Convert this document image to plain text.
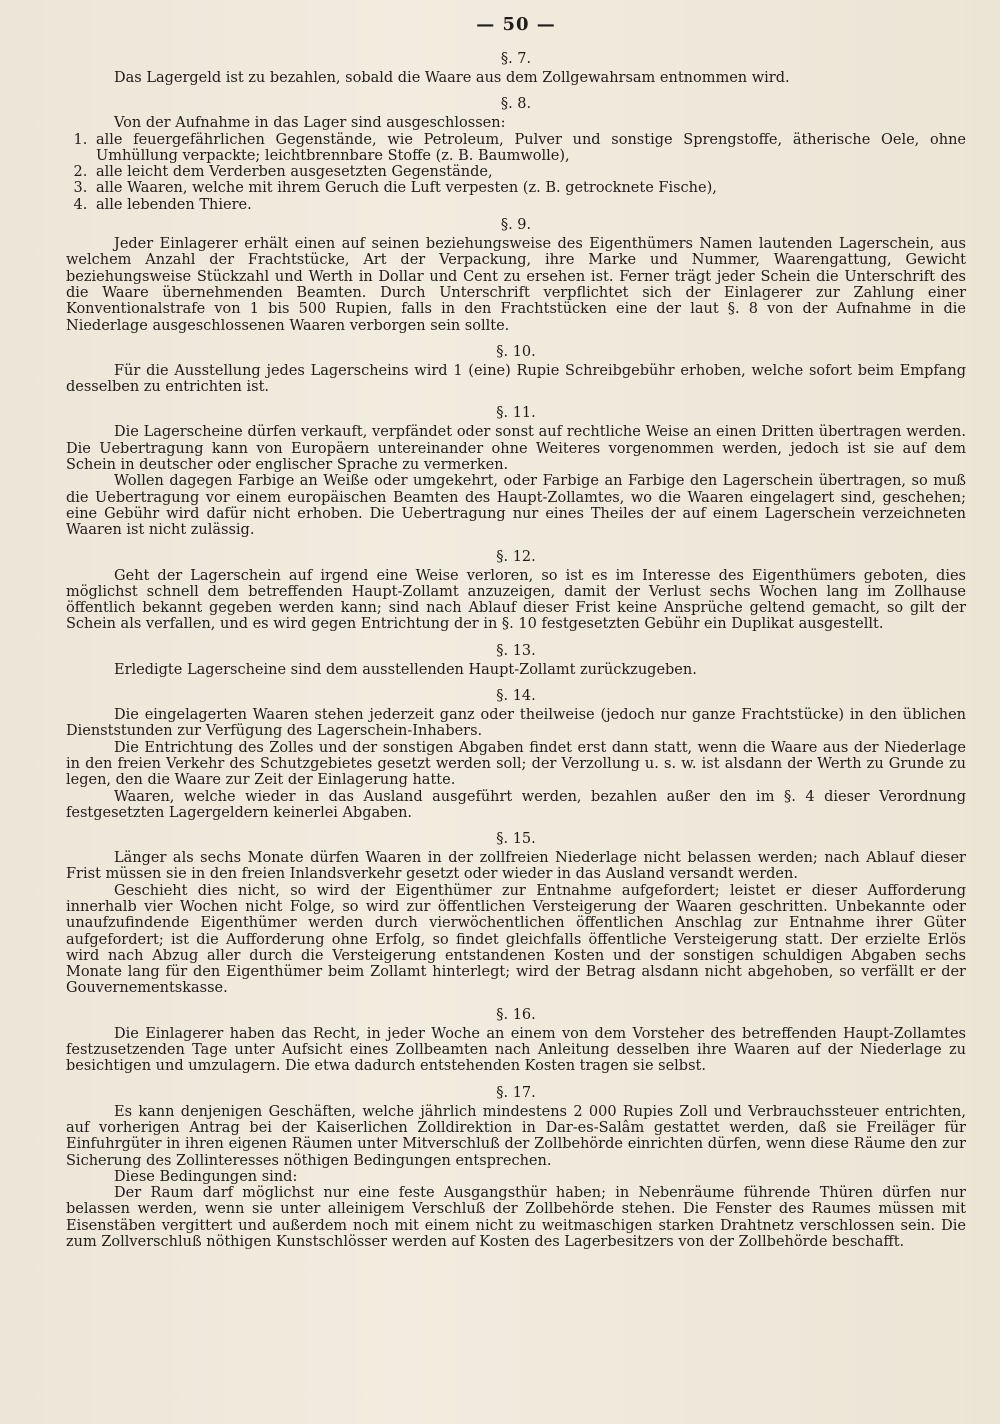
— 50 —
§. 7.

Das Lagergeld ist zu bezahlen, sobald die Waare aus dem Zollgewahrsam entnommen wird.

§. 8.

Von der Aufnahme in das Lager sind ausgeschlossen:

1. alle feuergefährlichen Gegenstände, wie Petroleum, Pulver und sonstige Sprengstoffe, ätherische Oele, ohne Umhüllung verpackte; leichtbrennbare Stoffe (z. B. Baumwolle),
2. alle leicht dem Verderben ausgesetzten Gegenstände,
3. alle Waaren, welche mit ihrem Geruch die Luft verpesten (z. B. getrocknete Fische),
4. alle lebenden Thiere.
§. 9.

Jeder Einlagerer erhält einen auf seinen beziehungsweise des Eigenthümers Namen lautenden Lagerschein, aus welchem Anzahl der Frachtstücke, Art der Verpackung, ihre Marke und Nummer, Waarengattung, Gewicht beziehungsweise Stückzahl und Werth in Dollar und Cent zu ersehen ist. Ferner trägt jeder Schein die Unterschrift des die Waare übernehmenden Beamten. Durch Unterschrift verpflichtet sich der Einlagerer zur Zahlung einer Konventionalstrafe von 1 bis 500 Rupien, falls in den Frachtstücken eine der laut §. 8 von der Aufnahme in die Niederlage ausgeschlossenen Waaren verborgen sein sollte.

§. 10.

Für die Ausstellung jedes Lagerscheins wird 1 (eine) Rupie Schreibgebühr erhoben, welche sofort beim Empfang desselben zu entrichten ist.

§. 11.

Die Lagerscheine dürfen verkauft, verpfändet oder sonst auf rechtliche Weise an einen Dritten übertragen werden. Die Uebertragung kann von Europäern untereinander ohne Weiteres vorgenommen werden, jedoch ist sie auf dem Schein in deutscher oder englischer Sprache zu vermerken.

Wollen dagegen Farbige an Weiße oder umgekehrt, oder Farbige an Farbige den Lagerschein übertragen, so muß die Uebertragung vor einem europäischen Beamten des Haupt-Zollamtes, wo die Waaren eingelagert sind, geschehen; eine Gebühr wird dafür nicht erhoben. Die Uebertragung nur eines Theiles der auf einem Lagerschein verzeichneten Waaren ist nicht zulässig.

§. 12.

Geht der Lagerschein auf irgend eine Weise verloren, so ist es im Interesse des Eigenthümers geboten, dies möglichst schnell dem betreffenden Haupt-Zollamt anzuzeigen, damit der Verlust sechs Wochen lang im Zollhause öffentlich bekannt gegeben werden kann; sind nach Ablauf dieser Frist keine Ansprüche geltend gemacht, so gilt der Schein als verfallen, und es wird gegen Entrichtung der in §. 10 festgesetzten Gebühr ein Duplikat ausgestellt.

§. 13.

Erledigte Lagerscheine sind dem ausstellenden Haupt-Zollamt zurückzugeben.

§. 14.

Die eingelagerten Waaren stehen jederzeit ganz oder theilweise (jedoch nur ganze Frachtstücke) in den üblichen Dienststunden zur Verfügung des Lagerschein-Inhabers.

Die Entrichtung des Zolles und der sonstigen Abgaben findet erst dann statt, wenn die Waare aus der Niederlage in den freien Verkehr des Schutzgebietes gesetzt werden soll; der Verzollung u. s. w. ist alsdann der Werth zu Grunde zu legen, den die Waare zur Zeit der Einlagerung hatte.

Waaren, welche wieder in das Ausland ausgeführt werden, bezahlen außer den im §. 4 dieser Verordnung festgesetzten Lagergeldern keinerlei Abgaben.

§. 15.

Länger als sechs Monate dürfen Waaren in der zollfreien Niederlage nicht belassen werden; nach Ablauf dieser Frist müssen sie in den freien Inlandsverkehr gesetzt oder wieder in das Ausland versandt werden.

Geschieht dies nicht, so wird der Eigenthümer zur Entnahme aufgefordert; leistet er dieser Aufforderung innerhalb vier Wochen nicht Folge, so wird zur öffentlichen Versteigerung der Waaren geschritten. Unbekannte oder unaufzufindende Eigenthümer werden durch vierwöchentlichen öffentlichen Anschlag zur Entnahme ihrer Güter aufgefordert; ist die Aufforderung ohne Erfolg, so findet gleichfalls öffentliche Versteigerung statt. Der erzielte Erlös wird nach Abzug aller durch die Versteigerung entstandenen Kosten und der sonstigen schuldigen Abgaben sechs Monate lang für den Eigenthümer beim Zollamt hinterlegt; wird der Betrag alsdann nicht abgehoben, so verfällt er der Gouvernementskasse.

§. 16.

Die Einlagerer haben das Recht, in jeder Woche an einem von dem Vorsteher des betreffenden Haupt-Zollamtes festzusetzenden Tage unter Aufsicht eines Zollbeamten nach Anleitung desselben ihre Waaren auf der Niederlage zu besichtigen und umzulagern. Die etwa dadurch entstehenden Kosten tragen sie selbst.

§. 17.

Es kann denjenigen Geschäften, welche jährlich mindestens 2 000 Rupies Zoll und Verbrauchssteuer entrichten, auf vorherigen Antrag bei der Kaiserlichen Zolldirektion in Dar-es-Salâm gestattet werden, daß sie Freiläger für Einfuhrgüter in ihren eigenen Räumen unter Mitverschluß der Zollbehörde einrichten dürfen, wenn diese Räume den zur Sicherung des Zollinteresses nöthigen Bedingungen entsprechen.

Diese Bedingungen sind:

Der Raum darf möglichst nur eine feste Ausgangsthür haben; in Nebenräume führende Thüren dürfen nur belassen werden, wenn sie unter alleinigem Verschluß der Zollbehörde stehen. Die Fenster des Raumes müssen mit Eisenstäben vergittert und außerdem noch mit einem nicht zu weitmaschigen starken Drahtnetz verschlossen sein. Die zum Zollverschluß nöthigen Kunstschlösser werden auf Kosten des Lagerbesitzers von der Zollbehörde beschafft.
